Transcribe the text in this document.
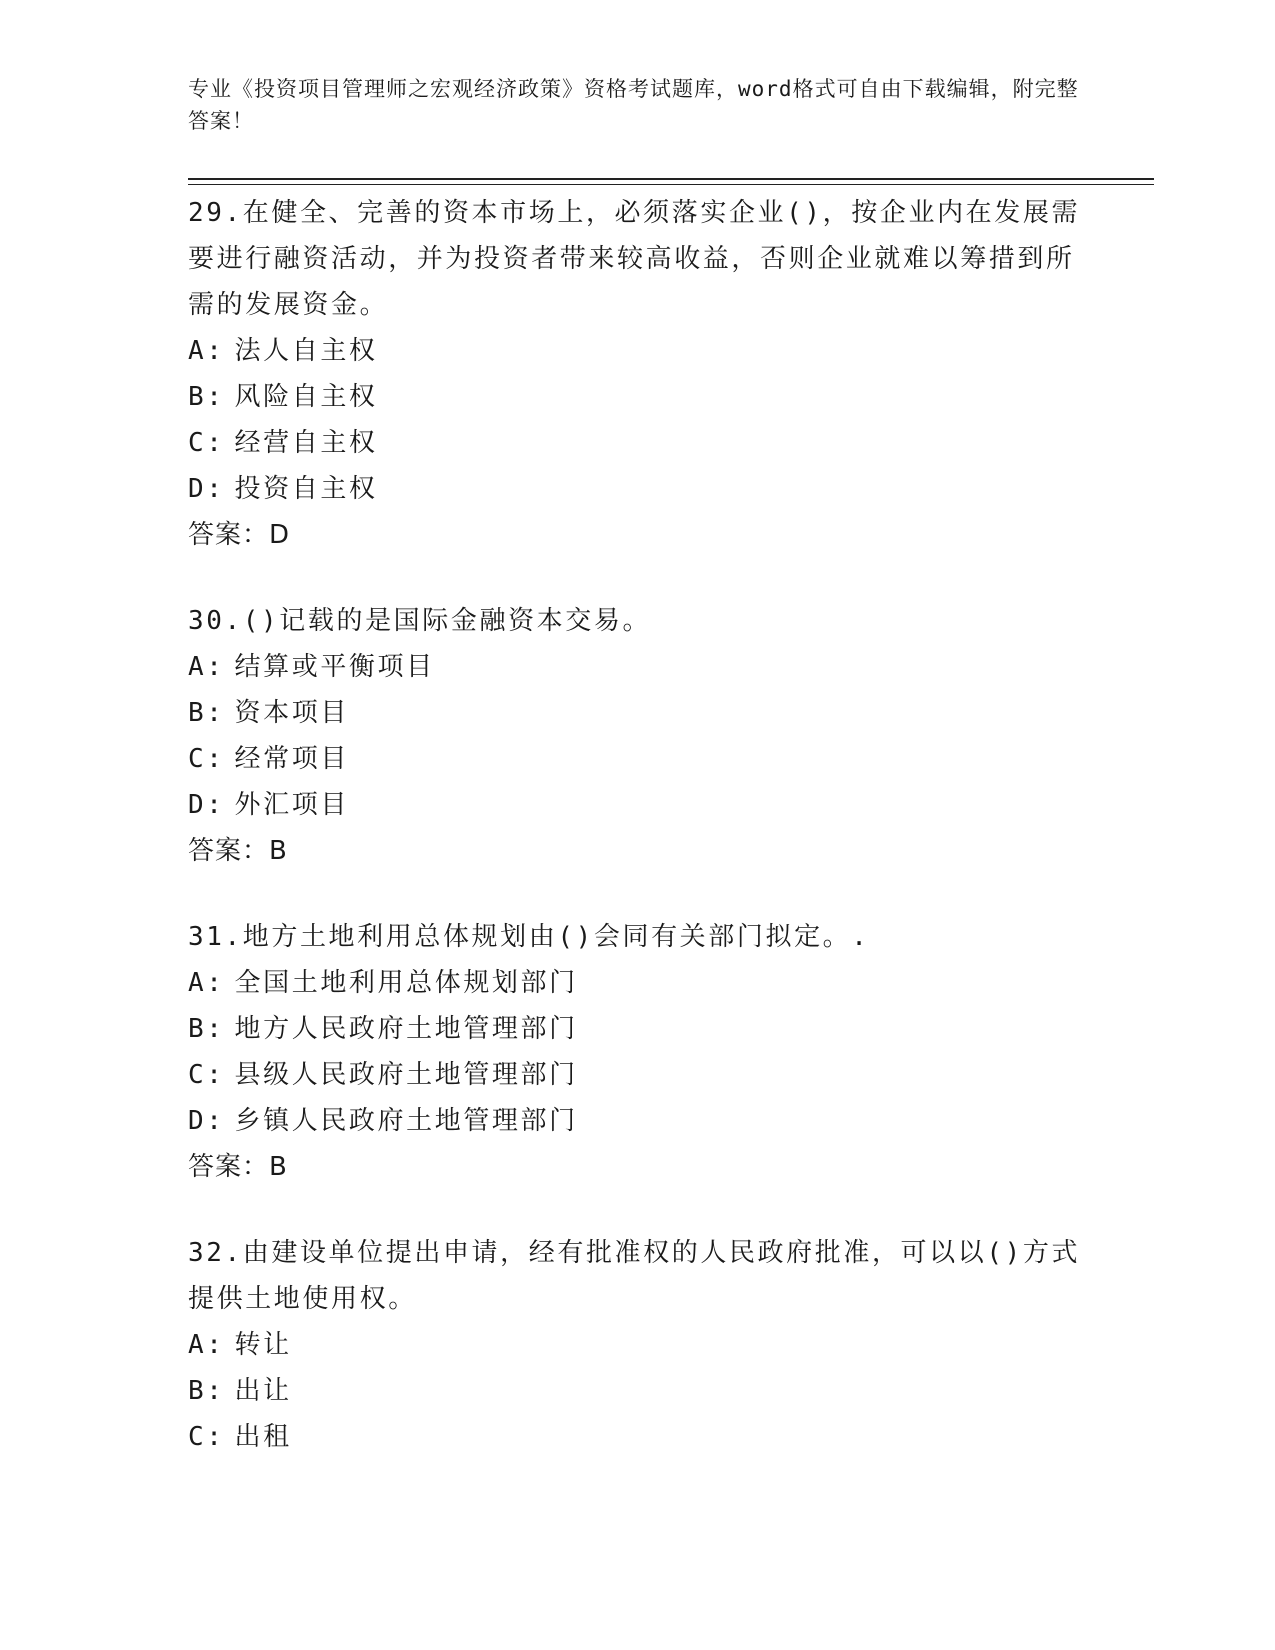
专业《投资项目管理师之宏观经济政策》资格考试题库，word格式可自由下载编辑，附完整答案！
29.在健全、完善的资本市场上，必须落实企业()，按企业内在发展需要进行融资活动，并为投资者带来较高收益，否则企业就难以筹措到所需的发展资金。
A: 法人自主权
B: 风险自主权
C: 经营自主权
D: 投资自主权
答案：D
30.()记载的是国际金融资本交易。
A: 结算或平衡项目
B: 资本项目
C: 经常项目
D: 外汇项目
答案：B
31.地方土地利用总体规划由()会同有关部门拟定。.
A: 全国土地利用总体规划部门
B: 地方人民政府土地管理部门
C: 县级人民政府土地管理部门
D: 乡镇人民政府土地管理部门
答案：B
32.由建设单位提出申请，经有批准权的人民政府批准，可以以()方式提供土地使用权。
A: 转让
B: 出让
C: 出租
